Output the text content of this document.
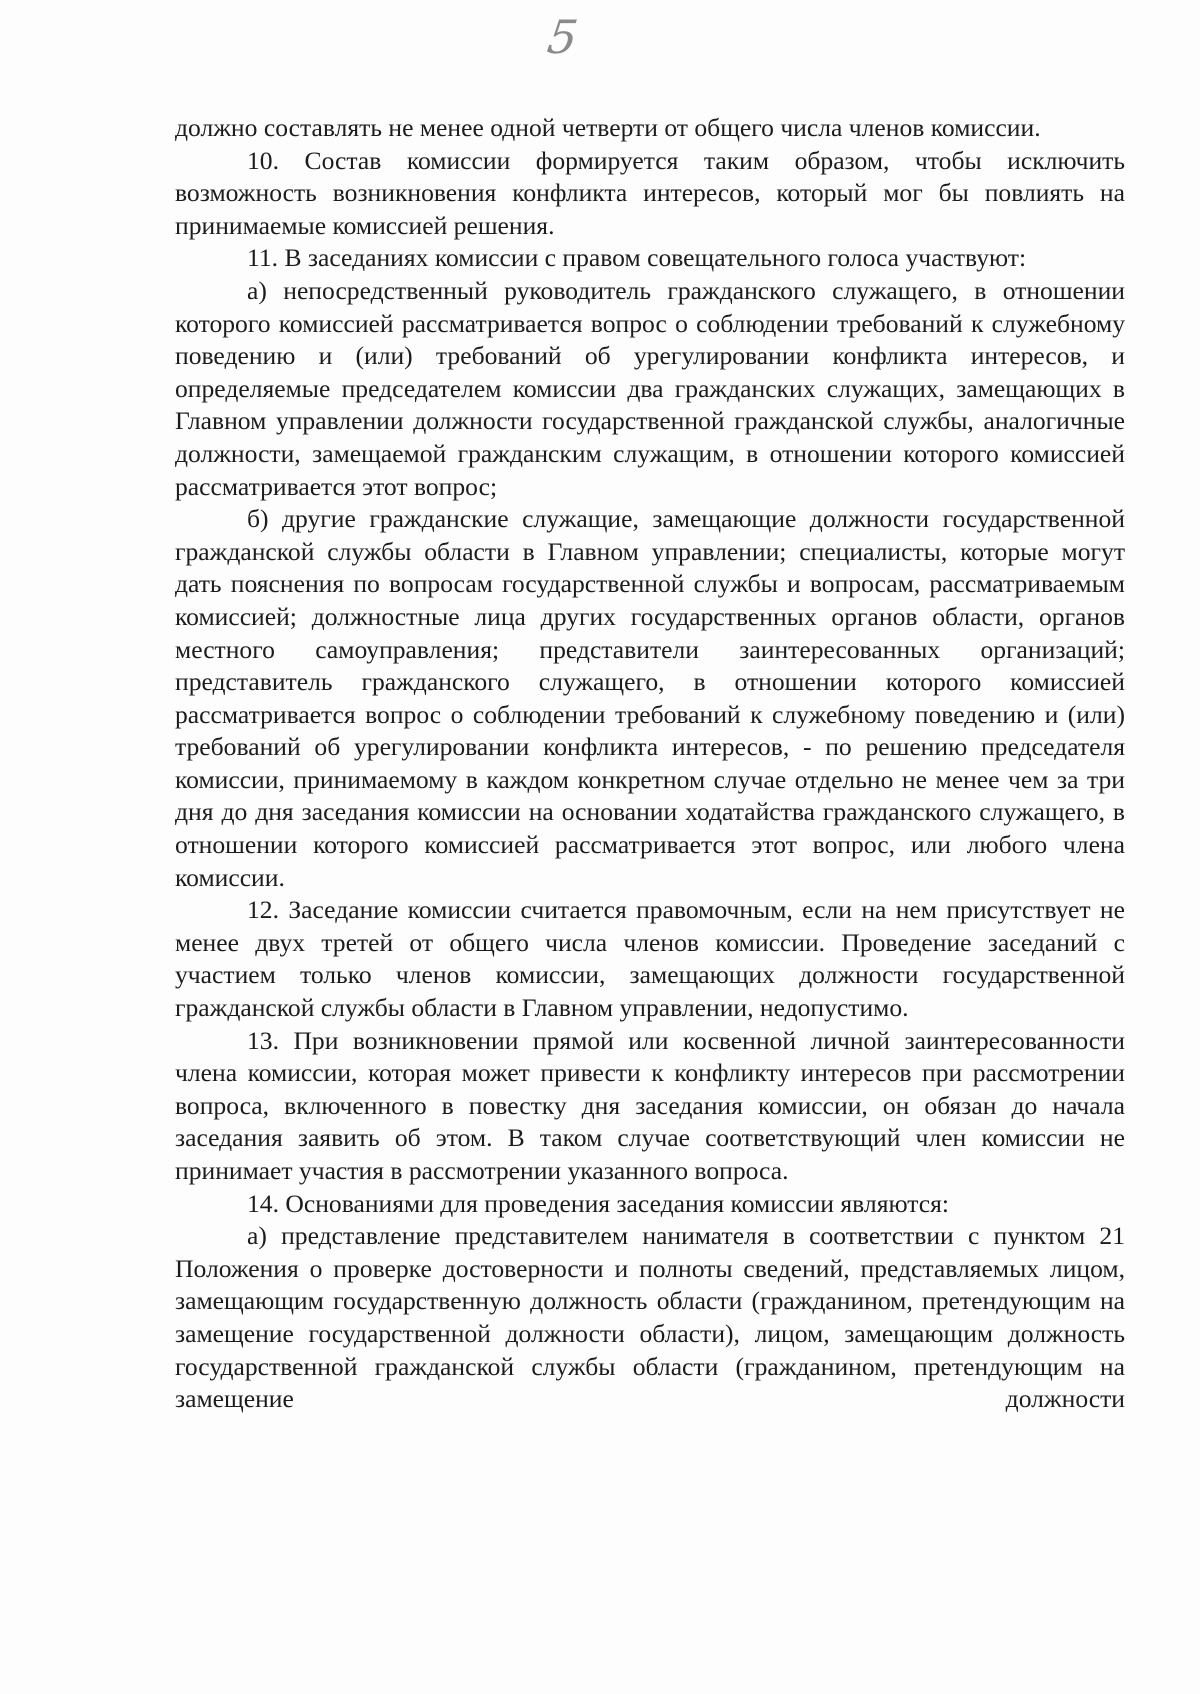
5

должно составлять не менее одной четверти от общего числа членов комиссии.

10. Состав комиссии формируется таким образом, чтобы исключить возможность возникновения конфликта интересов, который мог бы повлиять на принимаемые комиссией решения.

11. В заседаниях комиссии с правом совещательного голоса участвуют:

а) непосредственный руководитель гражданского служащего, в отношении которого комиссией рассматривается вопрос о соблюдении требований к служебному поведению и (или) требований об урегулировании конфликта интересов, и определяемые председателем комиссии два гражданских служащих, замещающих в Главном управлении должности государственной гражданской службы, аналогичные должности, замещаемой гражданским служащим, в отношении которого комиссией рассматривается этот вопрос;

б) другие гражданские служащие, замещающие должности государственной гражданской службы области в Главном управлении; специалисты, которые могут дать пояснения по вопросам государственной службы и вопросам, рассматриваемым комиссией; должностные лица других государственных органов области, органов местного самоуправления; представители заинтересованных организаций; представитель гражданского служащего, в отношении которого комиссией рассматривается вопрос о соблюдении требований к служебному поведению и (или) требований об урегулировании конфликта интересов, - по решению председателя комиссии, принимаемому в каждом конкретном случае отдельно не менее чем за три дня до дня заседания комиссии на основании ходатайства гражданского служащего, в отношении которого комиссией рассматривается этот вопрос, или любого члена комиссии.

12. Заседание комиссии считается правомочным, если на нем присутствует не менее двух третей от общего числа членов комиссии. Проведение заседаний с участием только членов комиссии, замещающих должности государственной гражданской службы области в Главном управлении, недопустимо.

13. При возникновении прямой или косвенной личной заинтересованности члена комиссии, которая может привести к конфликту интересов при рассмотрении вопроса, включенного в повестку дня заседания комиссии, он обязан до начала заседания заявить об этом. В таком случае соответствующий член комиссии не принимает участия в рассмотрении указанного вопроса.

14. Основаниями для проведения заседания комиссии являются:

а) представление представителем нанимателя в соответствии с пунктом 21 Положения о проверке достоверности и полноты сведений, представляемых лицом, замещающим государственную должность области (гражданином, претендующим на замещение государственной должности области), лицом, замещающим должность государственной гражданской службы области (гражданином, претендующим на замещение должности
